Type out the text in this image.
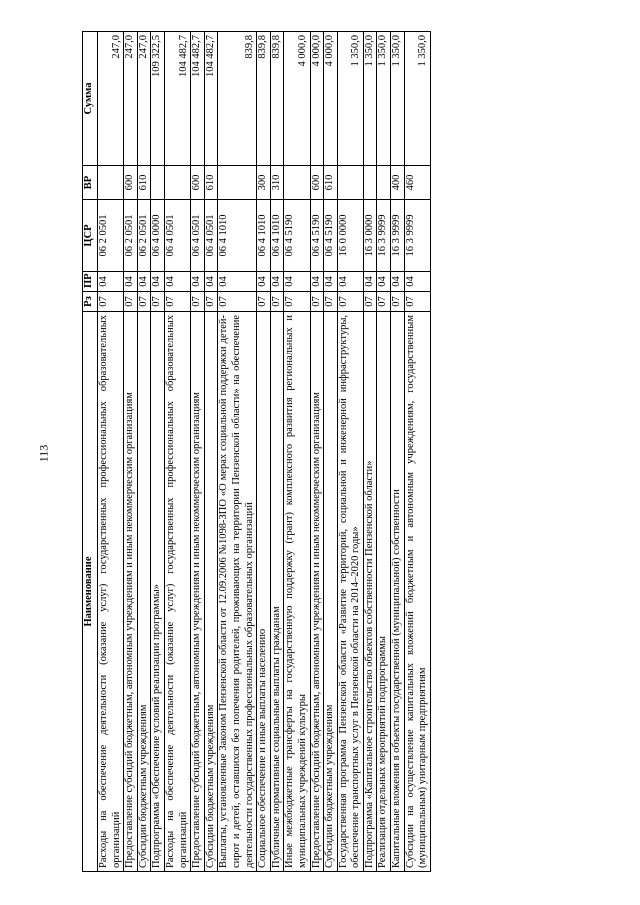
113
Наименование	Рз	ПР	ЦСР	ВР	Сумма
Расходы на обеспечение деятельности (оказание услуг) государственных профессиональных образовательных организаций	07	04	06 2 0501		247,0
Предоставление субсидий бюджетным, автономным учреждениям и иным некоммерческим организациям	07	04	06 2 0501	600	247,0
Субсидии бюджетным учреждениям	07	04	06 2 0501	610	247,0
Подпрограмма «Обеспечение условий реализации программы»	07	04	06 4 0000		109 322,5
Расходы на обеспечение деятельности (оказание услуг) государственных профессиональных образовательных организаций	07	04	06 4 0501		104 482,7
Предоставление субсидий бюджетным, автономным учреждениям и иным некоммерческим организациям	07	04	06 4 0501	600	104 482,7
Субсидии бюджетным учреждениям	07	04	06 4 0501	610	104 482,7
Выплаты, установленные Законом Пензенской области от 12.09.2006 №1098-ЗПО «О мерах социальной поддержки детей-сирот и детей, оставшихся без попечения родителей, проживающих на территории Пензенской области» на обеспечение деятельности государственных профессиональных образовательных организаций	07	04	06 4 1010		839,8
Социальное обеспечение и иные выплаты населению	07	04	06 4 1010	300	839,8
Публичные нормативные социальные выплаты гражданам	07	04	06 4 1010	310	839,8
Иные межбюджетные трансферты на государственную поддержку (грант) комплексного развития региональных и муниципальных учреждений культуры	07	04	06 4 5190		4 000,0
Предоставление субсидий бюджетным, автономным учреждениям и иным некоммерческим организациям	07	04	06 4 5190	600	4 000,0
Субсидии бюджетным учреждениям	07	04	06 4 5190	610	4 000,0
Государственная программа Пензенской области «Развитие территорий, социальной и инженерной инфраструктуры, обеспечение транспортных услуг в Пензенской области на 2014–2020 годы»	07	04	16 0 0000		1 350,0
Подпрограмма «Капитальное строительство объектов собственности Пензенской области»	07	04	16 3 0000		1 350,0
Реализация отдельных мероприятий подпрограммы	07	04	16 3 9999		1 350,0
Капитальные вложения в объекты государственной (муниципальной) собственности	07	04	16 3 9999	400	1 350,0
Субсидии на осуществление капитальных вложений бюджетным и автономным учреждениям, государственным (муниципальным) унитарным предприятиям	07	04	16 3 9999	460	1 350,0
